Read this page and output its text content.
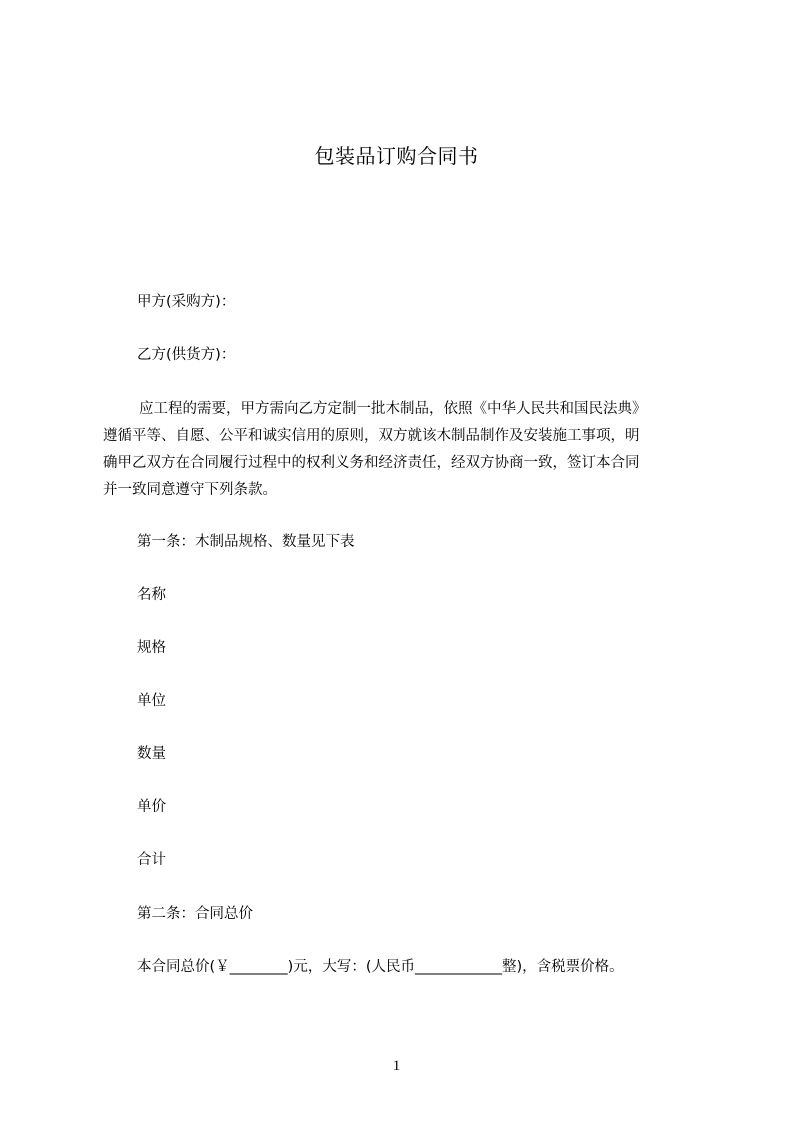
包装品订购合同书
甲方(采购方)：
乙方(供货方)：
应工程的需要，甲方需向乙方定制一批木制品，依照《中华人民共和国民法典》
遵循平等、自愿、公平和诚实信用的原则，双方就该木制品制作及安装施工事项，明
确甲乙双方在合同履行过程中的权利义务和经济责任，经双方协商一致，签订本合同
并一致同意遵守下列条款。
第一条：木制品规格、数量见下表
名称
规格
单位
数量
单价
合计
第二条：合同总价
本合同总价(￥________)元，大写：(人民币____________整)，含税票价格。
1
